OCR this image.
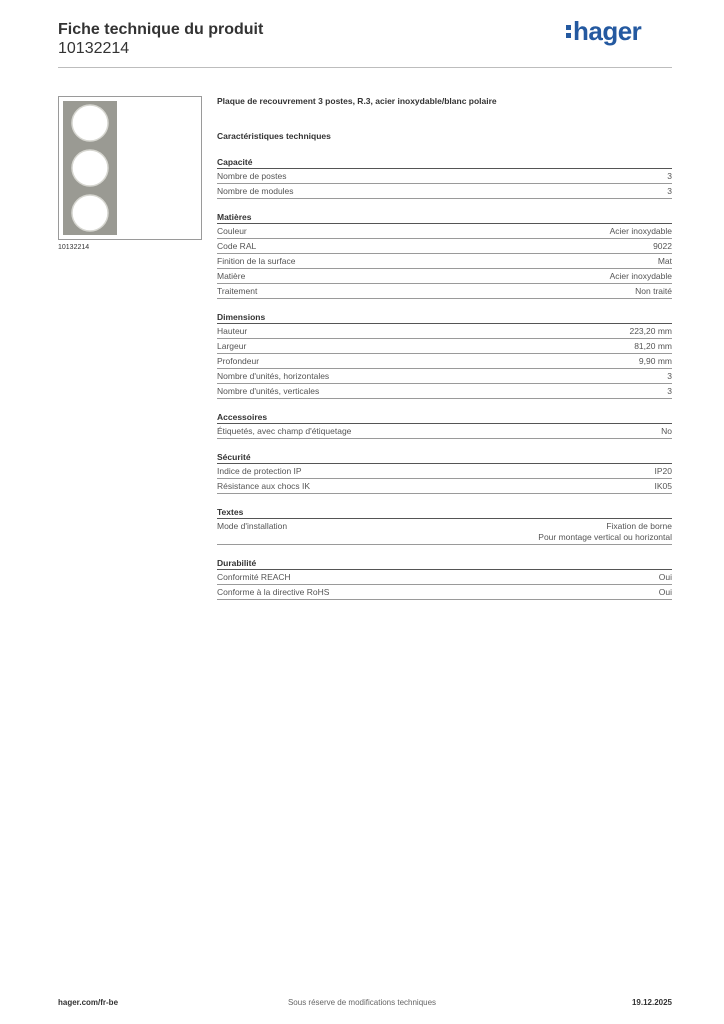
Fiche technique du produit
10132214
hager
10132214
Plaque de recouvrement 3 postes, R.3, acier inoxydable/blanc polaire
Caractéristiques techniques
Capacité
Nombre de postes	3
Nombre de modules	3
Matières
Couleur	Acier inoxydable
Code RAL	9022
Finition de la surface	Mat
Matière	Acier inoxydable
Traitement	Non traité
Dimensions
Hauteur	223,20 mm
Largeur	81,20 mm
Profondeur	9,90 mm
Nombre d'unités, horizontales	3
Nombre d'unités, verticales	3
Accessoires
Étiquetés, avec champ d'étiquetage	No
Sécurité
Indice de protection IP	IP20
Résistance aux chocs IK	IK05
Textes
Mode d'installation	Fixation de borne
Pour montage vertical ou horizontal
Durabilité
Conformité REACH	Oui
Conforme à la directive RoHS	Oui
hager.com/fr-be	Sous réserve de modifications techniques	19.12.2025
